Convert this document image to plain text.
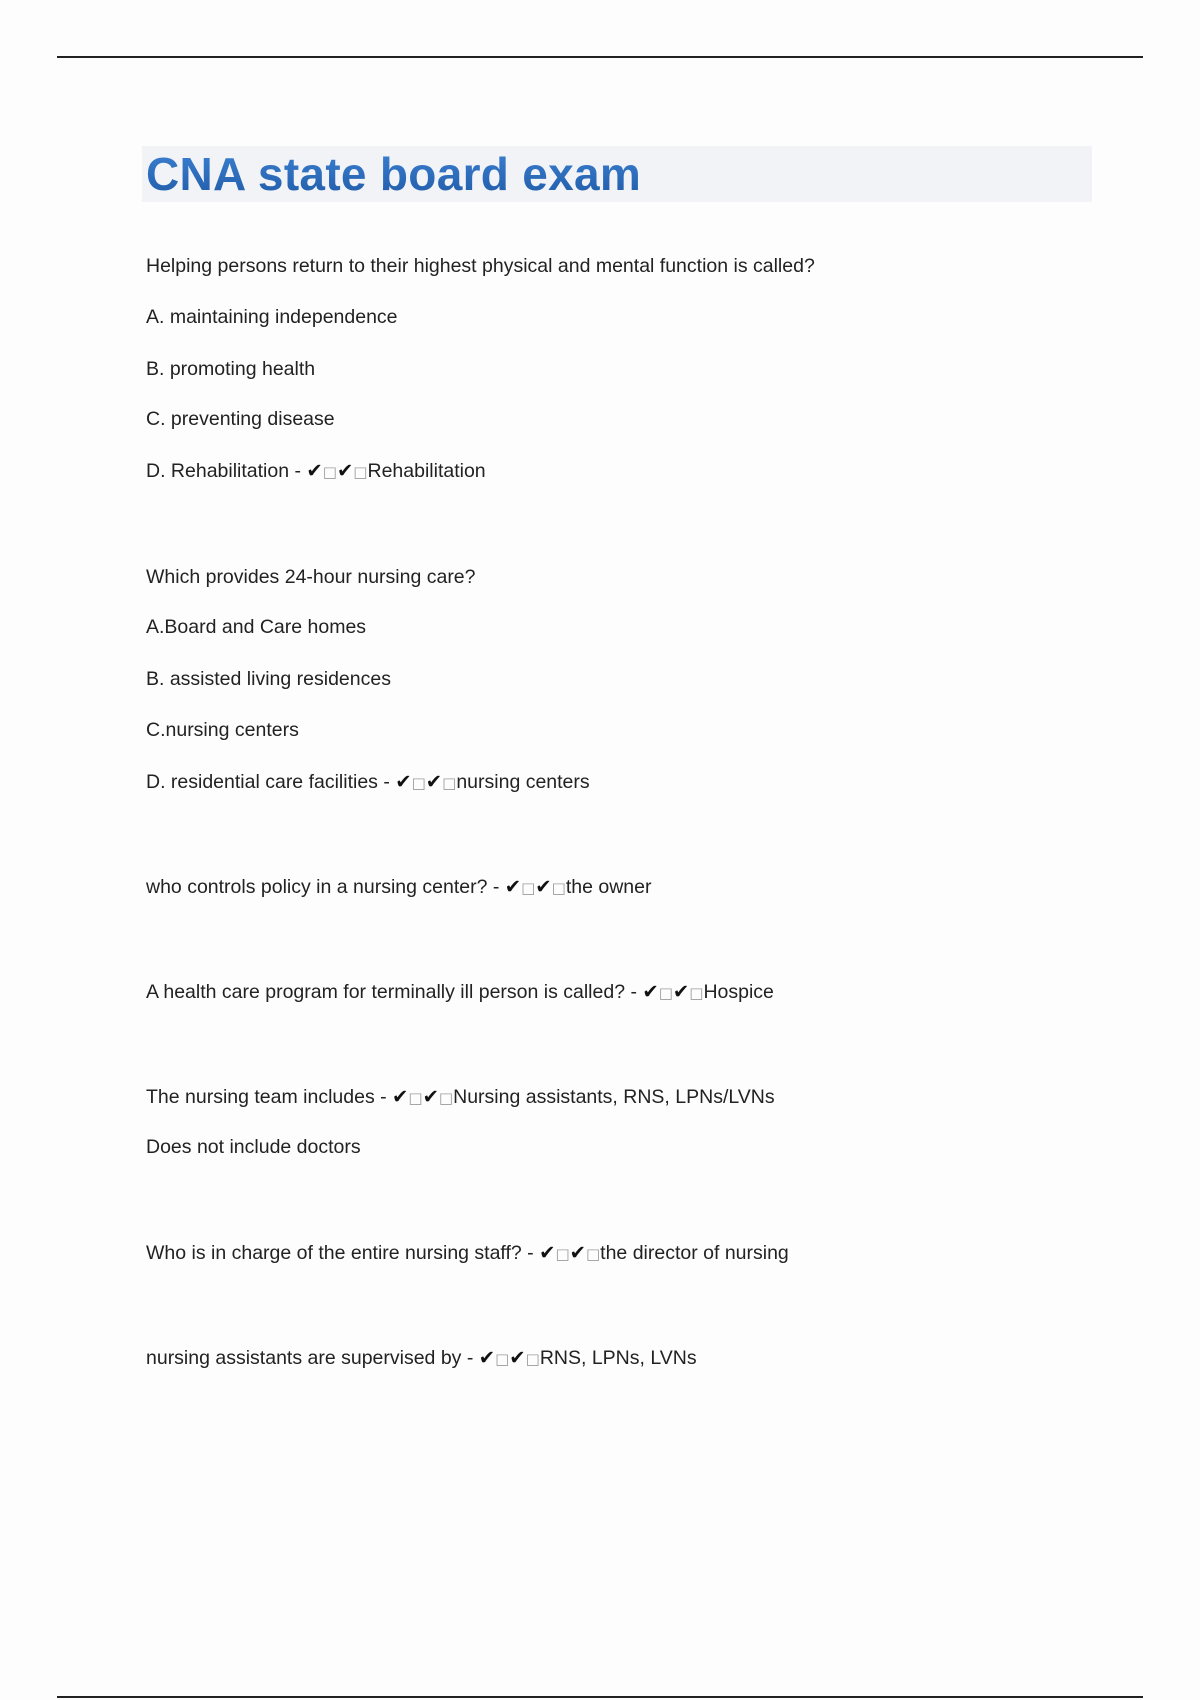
CNA state board exam
Helping persons return to their highest physical and mental function is called?
A. maintaining independence
B. promoting health
C. preventing disease
D. Rehabilitation - ✔□✔□Rehabilitation
Which provides 24-hour nursing care?
A.Board and Care homes
B. assisted living residences
C.nursing centers
D. residential care facilities - ✔□✔□nursing centers
who controls policy in a nursing center? - ✔□✔□the owner
A health care program for terminally ill person is called? - ✔□✔□Hospice
The nursing team includes - ✔□✔□Nursing assistants, RNS, LPNs/LVNs
Does not include doctors
Who is in charge of the entire nursing staff? - ✔□✔□the director of nursing
nursing assistants are supervised by - ✔□✔□RNS, LPNs, LVNs
